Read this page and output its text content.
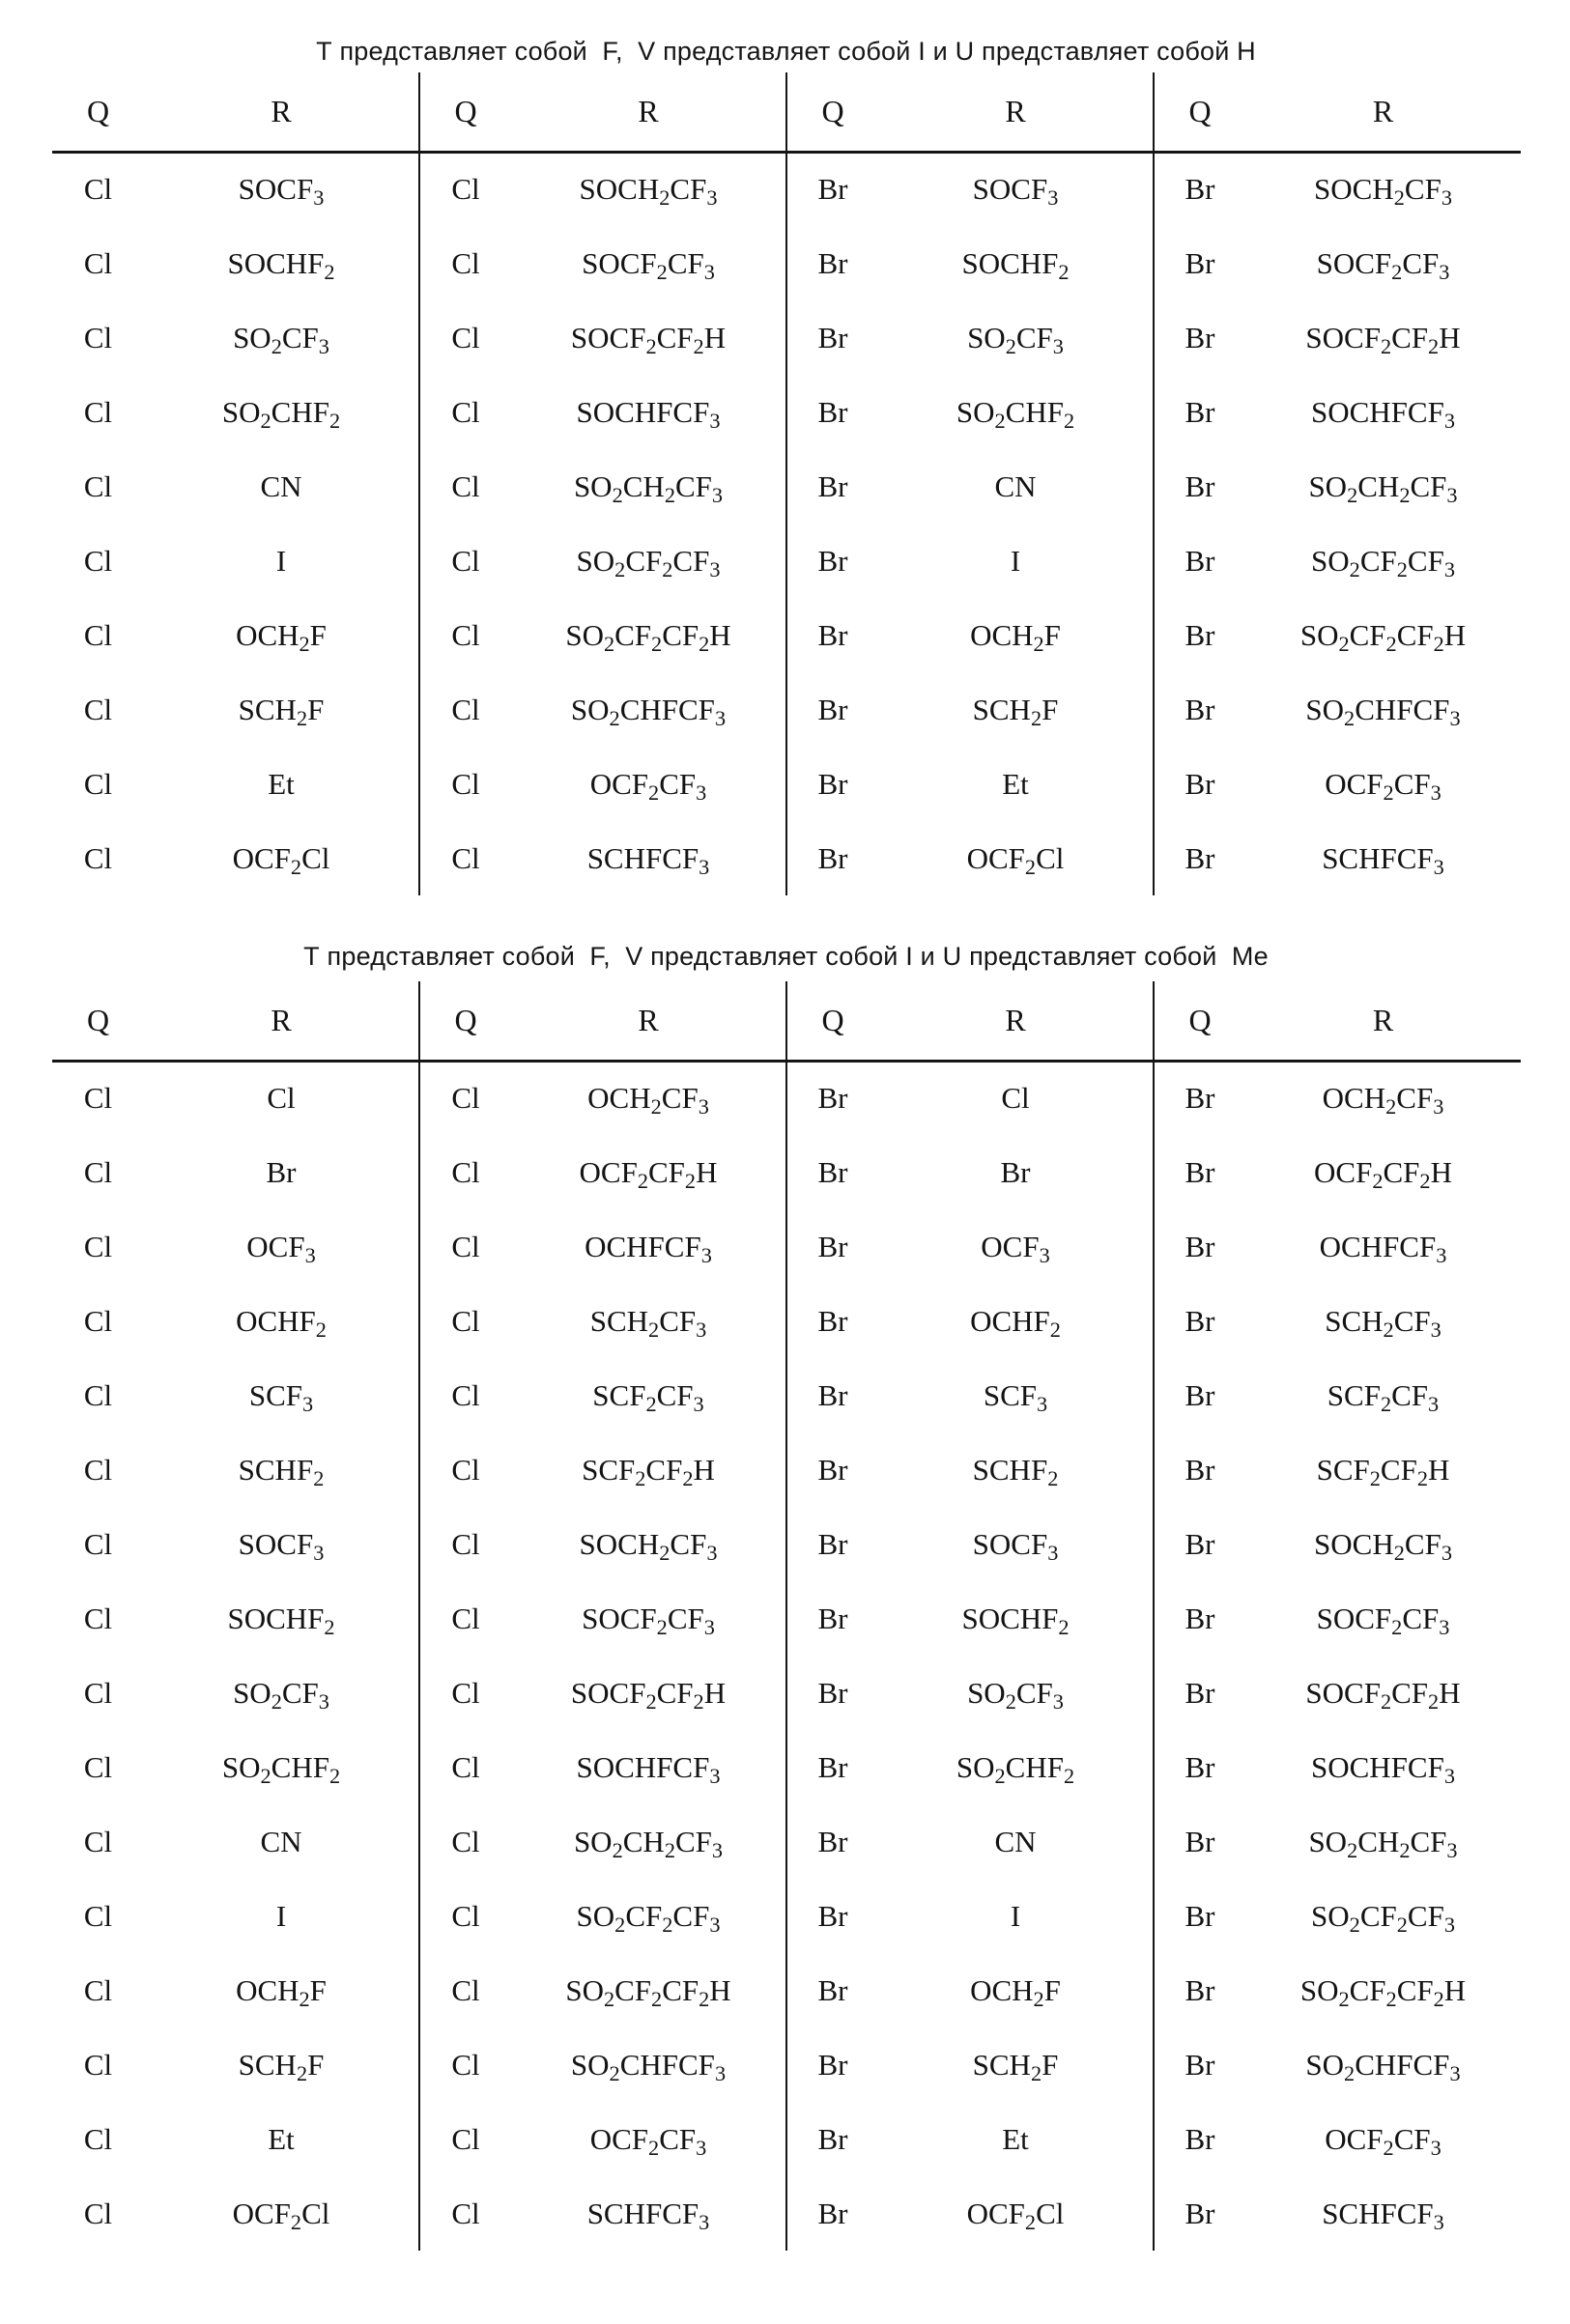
Т представляет собой  F,  V представляет собой I и U представляет собой H
Q	R	Q	R	Q	R	Q	R
Cl	$SOCF_3$	Cl	$SOCH_2CF_3$	Br	$SOCF_3$	Br	$SOCH_2CF_3$
Cl	$SOCHF_2$	Cl	$SOCF_2CF_3$	Br	$SOCHF_2$	Br	$SOCF_2CF_3$
Cl	$SO_2CF_3$	Cl	$SOCF_2CF_2H$	Br	$SO_2CF_3$	Br	$SOCF_2CF_2H$
Cl	$SO_2CHF_2$	Cl	$SOCHFCF_3$	Br	$SO_2CHF_2$	Br	$SOCHFCF_3$
Cl	CN	Cl	$SO_2CH_2CF_3$	Br	CN	Br	$SO_2CH_2CF_3$
Cl	I	Cl	$SO_2CF_2CF_3$	Br	I	Br	$SO_2CF_2CF_3$
Cl	$OCH_2F$	Cl	$SO_2CF_2CF_2H$	Br	$OCH_2F$	Br	$SO_2CF_2CF_2H$
Cl	$SCH_2F$	Cl	$SO_2CHFCF_3$	Br	$SCH_2F$	Br	$SO_2CHFCF_3$
Cl	Et	Cl	$OCF_2CF_3$	Br	Et	Br	$OCF_2CF_3$
Cl	$OCF_2Cl$	Cl	$SCHFCF_3$	Br	$OCF_2Cl$	Br	$SCHFCF_3$
Т представляет собой  F,  V представляет собой I и U представляет собой  Me
Q	R	Q	R	Q	R	Q	R
Cl	Cl	Cl	$OCH_2CF_3$	Br	Cl	Br	$OCH_2CF_3$
Cl	Br	Cl	$OCF_2CF_2H$	Br	Br	Br	$OCF_2CF_2H$
Cl	$OCF_3$	Cl	$OCHFCF_3$	Br	$OCF_3$	Br	$OCHFCF_3$
Cl	$OCHF_2$	Cl	$SCH_2CF_3$	Br	$OCHF_2$	Br	$SCH_2CF_3$
Cl	$SCF_3$	Cl	$SCF_2CF_3$	Br	$SCF_3$	Br	$SCF_2CF_3$
Cl	$SCHF_2$	Cl	$SCF_2CF_2H$	Br	$SCHF_2$	Br	$SCF_2CF_2H$
Cl	$SOCF_3$	Cl	$SOCH_2CF_3$	Br	$SOCF_3$	Br	$SOCH_2CF_3$
Cl	$SOCHF_2$	Cl	$SOCF_2CF_3$	Br	$SOCHF_2$	Br	$SOCF_2CF_3$
Cl	$SO_2CF_3$	Cl	$SOCF_2CF_2H$	Br	$SO_2CF_3$	Br	$SOCF_2CF_2H$
Cl	$SO_2CHF_2$	Cl	$SOCHFCF_3$	Br	$SO_2CHF_2$	Br	$SOCHFCF_3$
Cl	CN	Cl	$SO_2CH_2CF_3$	Br	CN	Br	$SO_2CH_2CF_3$
Cl	I	Cl	$SO_2CF_2CF_3$	Br	I	Br	$SO_2CF_2CF_3$
Cl	$OCH_2F$	Cl	$SO_2CF_2CF_2H$	Br	$OCH_2F$	Br	$SO_2CF_2CF_2H$
Cl	$SCH_2F$	Cl	$SO_2CHFCF_3$	Br	$SCH_2F$	Br	$SO_2CHFCF_3$
Cl	Et	Cl	$OCF_2CF_3$	Br	Et	Br	$OCF_2CF_3$
Cl	$OCF_2Cl$	Cl	$SCHFCF_3$	Br	$OCF_2Cl$	Br	$SCHFCF_3$
